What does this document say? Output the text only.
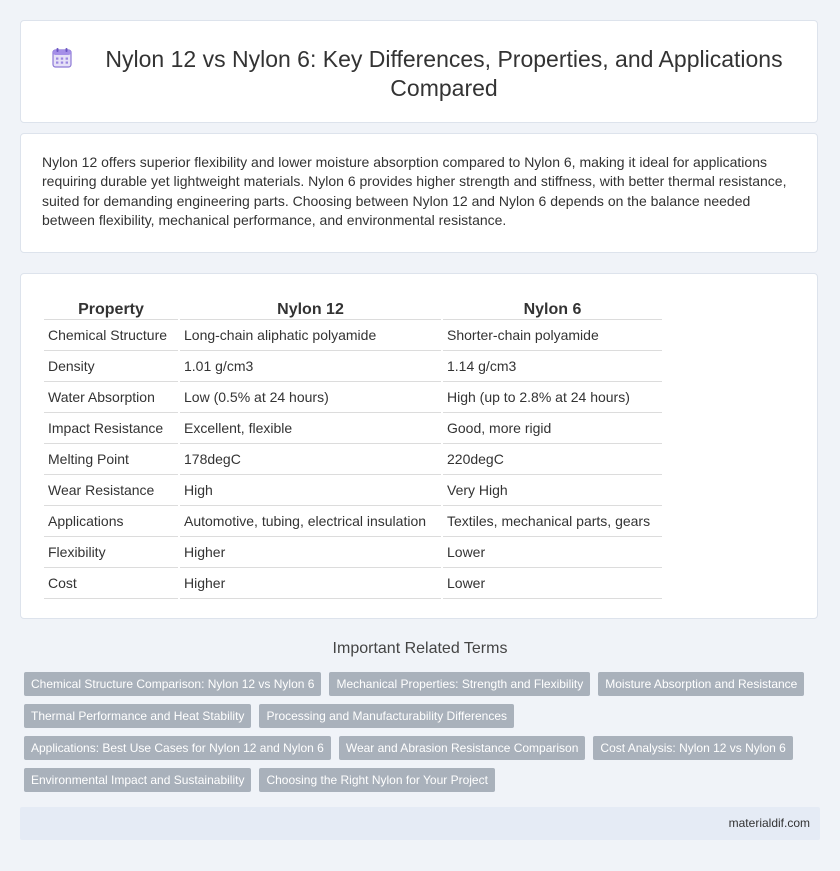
Nylon 12 vs Nylon 6: Key Differences, Properties, and Applications Compared

Nylon 12 offers superior flexibility and lower moisture absorption compared to Nylon 6, making it ideal for applications requiring durable yet lightweight materials. Nylon 6 provides higher strength and stiffness, with better thermal resistance, suited for demanding engineering parts. Choosing between Nylon 12 and Nylon 6 depends on the balance needed between flexibility, mechanical performance, and environmental resistance.

Property	Nylon 12	Nylon 6
Chemical Structure	Long-chain aliphatic polyamide	Shorter-chain polyamide
Density	1.01 g/cm3	1.14 g/cm3
Water Absorption	Low (0.5% at 24 hours)	High (up to 2.8% at 24 hours)
Impact Resistance	Excellent, flexible	Good, more rigid
Melting Point	178degC	220degC
Wear Resistance	High	Very High
Applications	Automotive, tubing, electrical insulation	Textiles, mechanical parts, gears
Flexibility	Higher	Lower
Cost	Higher	Lower
Important Related Terms
Chemical Structure Comparison: Nylon 12 vs Nylon 6 Mechanical Properties: Strength and Flexibility Moisture Absorption and Resistance
Thermal Performance and Heat Stability Processing and Manufacturability Differences
Applications: Best Use Cases for Nylon 12 and Nylon 6 Wear and Abrasion Resistance Comparison Cost Analysis: Nylon 12 vs Nylon 6
Environmental Impact and Sustainability Choosing the Right Nylon for Your Project
materialdif.com
